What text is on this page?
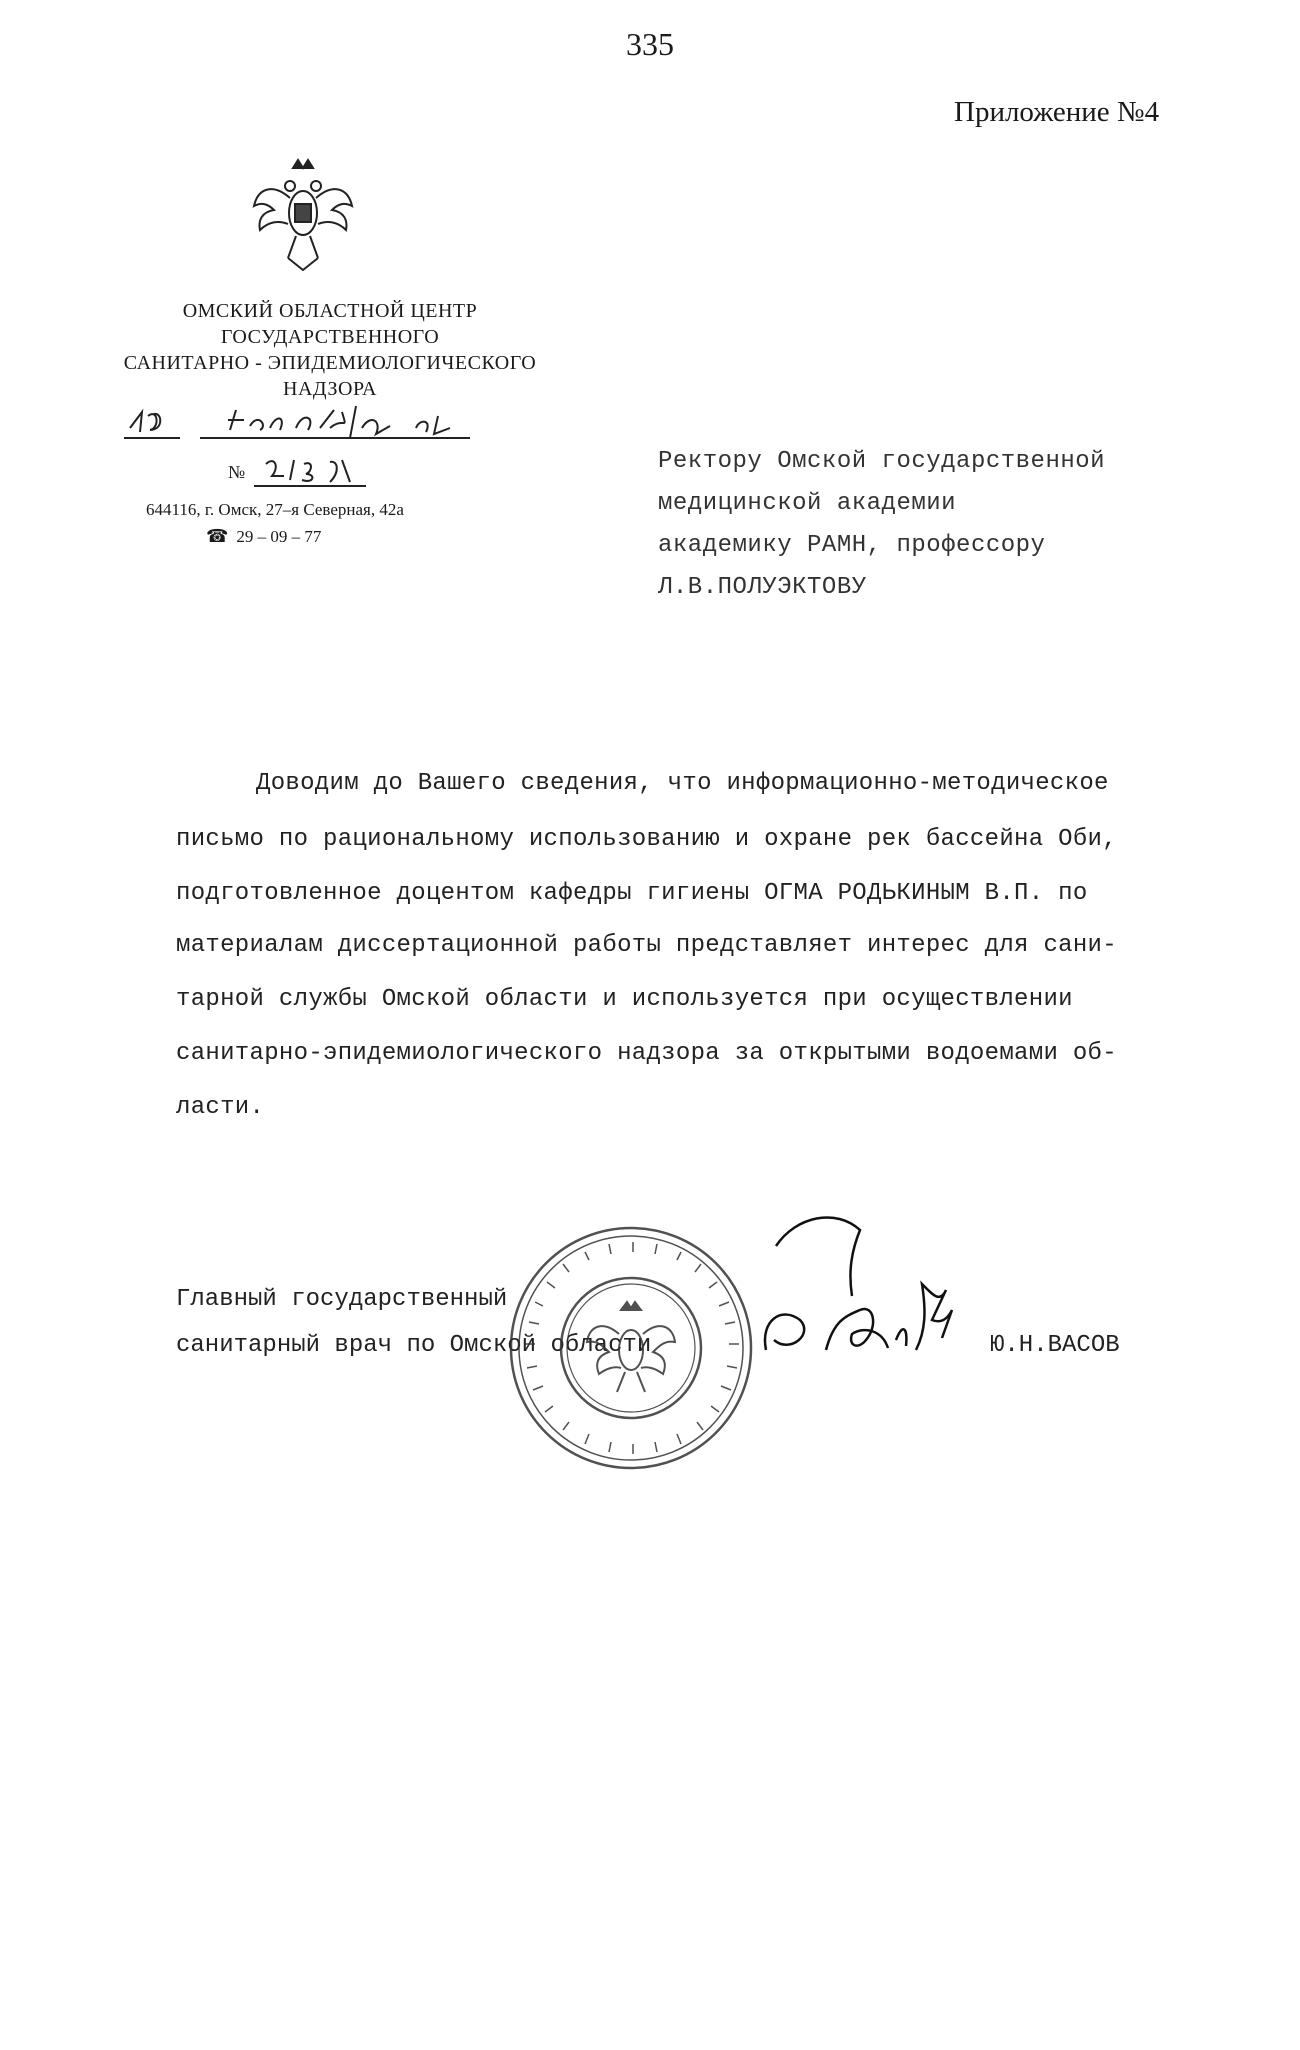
335
Приложение №4
ОМСКИЙ ОБЛАСТНОЙ ЦЕНТР
ГОСУДАРСТВЕННОГО
САНИТАРНО - ЭПИДЕМИОЛОГИЧЕСКОГО
НАДЗОРА
№
644116, г. Омск, 27–я Северная, 42а
☎ 29 – 09 – 77
Ректору Омской государственной
медицинской академии
академику РАМН, профессору
Л.В.ПОЛУЭКТОВУ
Доводим до Вашего сведения, что информационно-методическое
письмо по рациональному использованию и охране рек бассейна Оби,
подготовленное доцентом кафедры гигиены ОГМА РОДЬКИНЫМ В.П. по
материалам диссертационной работы представляет интерес для сани-
тарной службы Омской области и используется при осуществлении
санитарно-эпидемиологического надзора за открытыми водоемами об-
ласти.
Главный государственный
санитарный врач по Омской области	Ю.Н.ВАСОВ
